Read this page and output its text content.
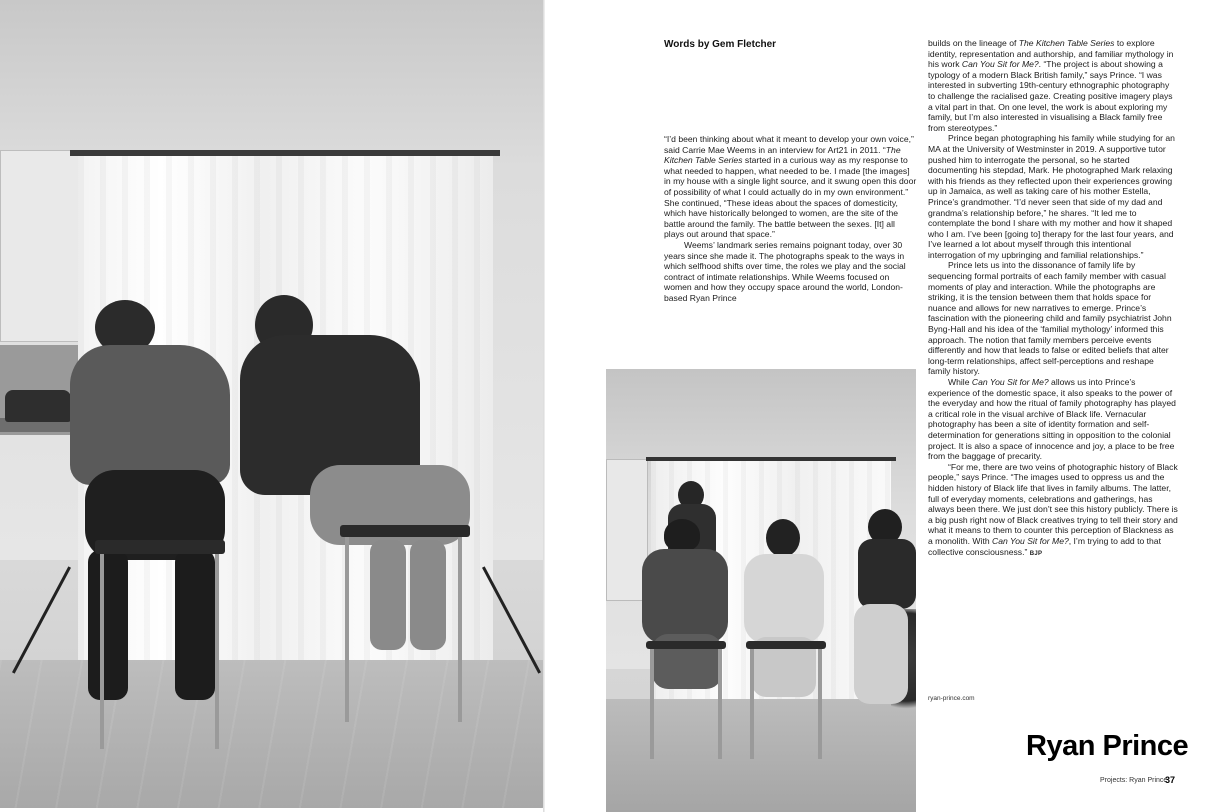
Words by Gem Fletcher

“I’d been thinking about what it meant to develop your own voice,” said Carrie Mae Weems in an interview for Art21 in 2011. “The Kitchen Table Series started in a curious way as my response to what needed to happen, what needed to be. I made [the images] in my house with a single light source, and it swung open this door of possibility of what I could actually do in my own environment.” She continued, “These ideas about the spaces of domesticity, which have historically belonged to women, are the site of the battle around the family. The battle between the sexes. [It] all plays out around that space.”

Weems’ landmark series remains poignant today, over 30 years since she made it. The photographs speak to the ways in which selfhood shifts over time, the roles we play and the social contract of intimate relationships. While Weems focused on women and how they occupy space around the world, London-based Ryan Prince

builds on the lineage of The Kitchen Table Series to explore identity, representation and authorship, and familiar mythology in his work Can You Sit for Me?. “The project is about showing a typology of a modern Black British family,” says Prince. “I was interested in subverting 19th-century ethnographic photography to challenge the racialised gaze. Creating positive imagery plays a vital part in that. On one level, the work is about exploring my family, but I’m also interested in visualising a Black family free from stereotypes.”

Prince began photographing his family while studying for an MA at the University of Westminster in 2019. A supportive tutor pushed him to interrogate the personal, so he started documenting his stepdad, Mark. He photographed Mark relaxing with his friends as they reflected upon their experiences growing up in Jamaica, as well as taking care of his mother Estella, Prince’s grandmother. “I’d never seen that side of my dad and grandma’s relationship before,” he shares. “It led me to contemplate the bond I share with my mother and how it shaped who I am. I’ve been [going to] therapy for the last four years, and I’ve learned a lot about myself through this intentional interrogation of my upbringing and familial relationships.”

Prince lets us into the dissonance of family life by sequencing formal portraits of each family member with casual moments of play and interaction. While the photographs are striking, it is the tension between them that holds space for nuance and allows for new narratives to emerge. Prince’s fascination with the pioneering child and family psychiatrist John Byng-Hall and his idea of the ‘familial mythology’ informed this approach. The notion that family members perceive events differently and how that leads to false or edited beliefs that alter long-term relationships, affect self-perceptions and reshape family history.

While Can You Sit for Me? allows us into Prince’s experience of the domestic space, it also speaks to the power of the everyday and how the ritual of family photography has played a critical role in the visual archive of Black life. Vernacular photography has been a site of identity formation and self-determination for generations sitting in opposition to the colonial project. It is also a space of innocence and joy, a place to be free from the baggage of precarity.

“For me, there are two veins of photographic history of Black people,” says Prince. “The images used to oppress us and the hidden history of Black life that lives in family albums. The latter, full of everyday moments, celebrations and gatherings, has always been there. We just don’t see this history publicly. There is a big push right now of Black creatives trying to tell their story and what it means to them to counter this perception of Blackness as a monolith. With Can You Sit for Me?, I’m trying to add to that collective consciousness.” BJP

ryan-prince.com
Ryan Prince
Projects: Ryan Prince
37
